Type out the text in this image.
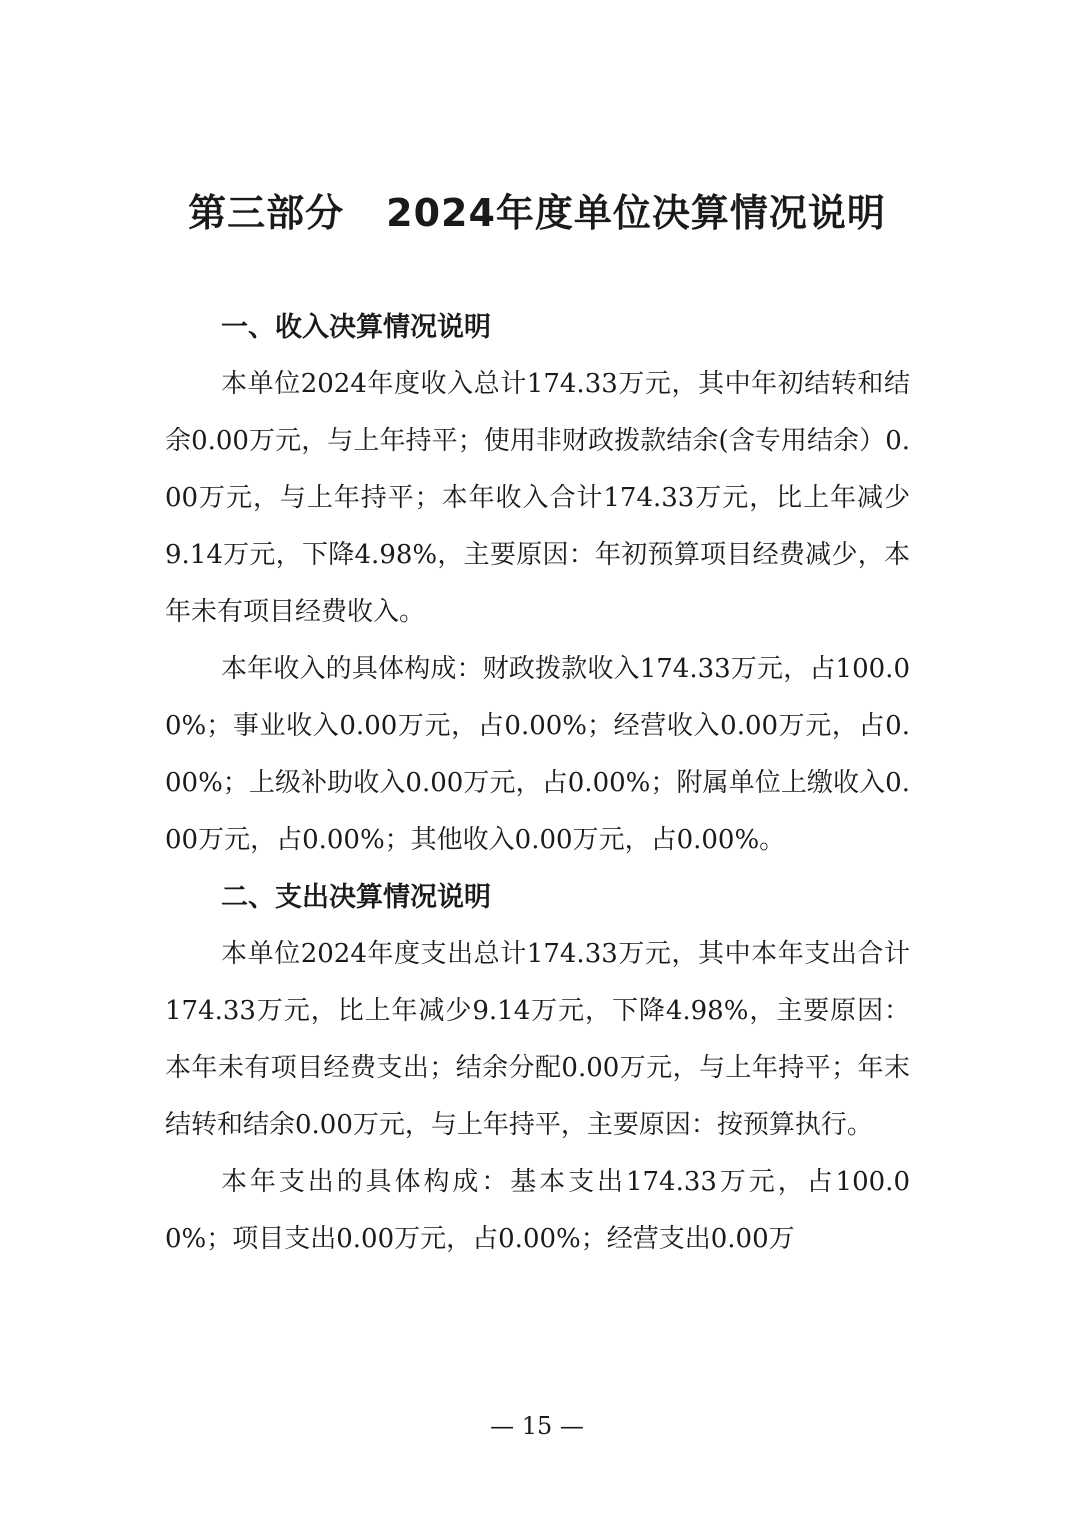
第三部分 2024年度单位决算情况说明
一、收入决算情况说明

本单位2024年度收入总计174.33万元，其中年初结转和结余0.00万元，与上年持平；使用非财政拨款结余(含专用结余）0.00万元，与上年持平；本年收入合计174.33万元，比上年减少9.14万元，下降4.98%，主要原因：年初预算项目经费减少，本年未有项目经费收入。

本年收入的具体构成：财政拨款收入174.33万元，占100.00%；事业收入0.00万元，占0.00%；经营收入0.00万元，占0.00%；上级补助收入0.00万元，占0.00%；附属单位上缴收入0.00万元，占0.00%；其他收入0.00万元，占0.00%。

二、支出决算情况说明

本单位2024年度支出总计174.33万元，其中本年支出合计174.33万元，比上年减少9.14万元，下降4.98%，主要原因：本年未有项目经费支出；结余分配0.00万元，与上年持平；年末结转和结余0.00万元，与上年持平，主要原因：按预算执行。

本年支出的具体构成：基本支出174.33万元，占100.00%；项目支出0.00万元，占0.00%；经营支出0.00万

— 15 —
